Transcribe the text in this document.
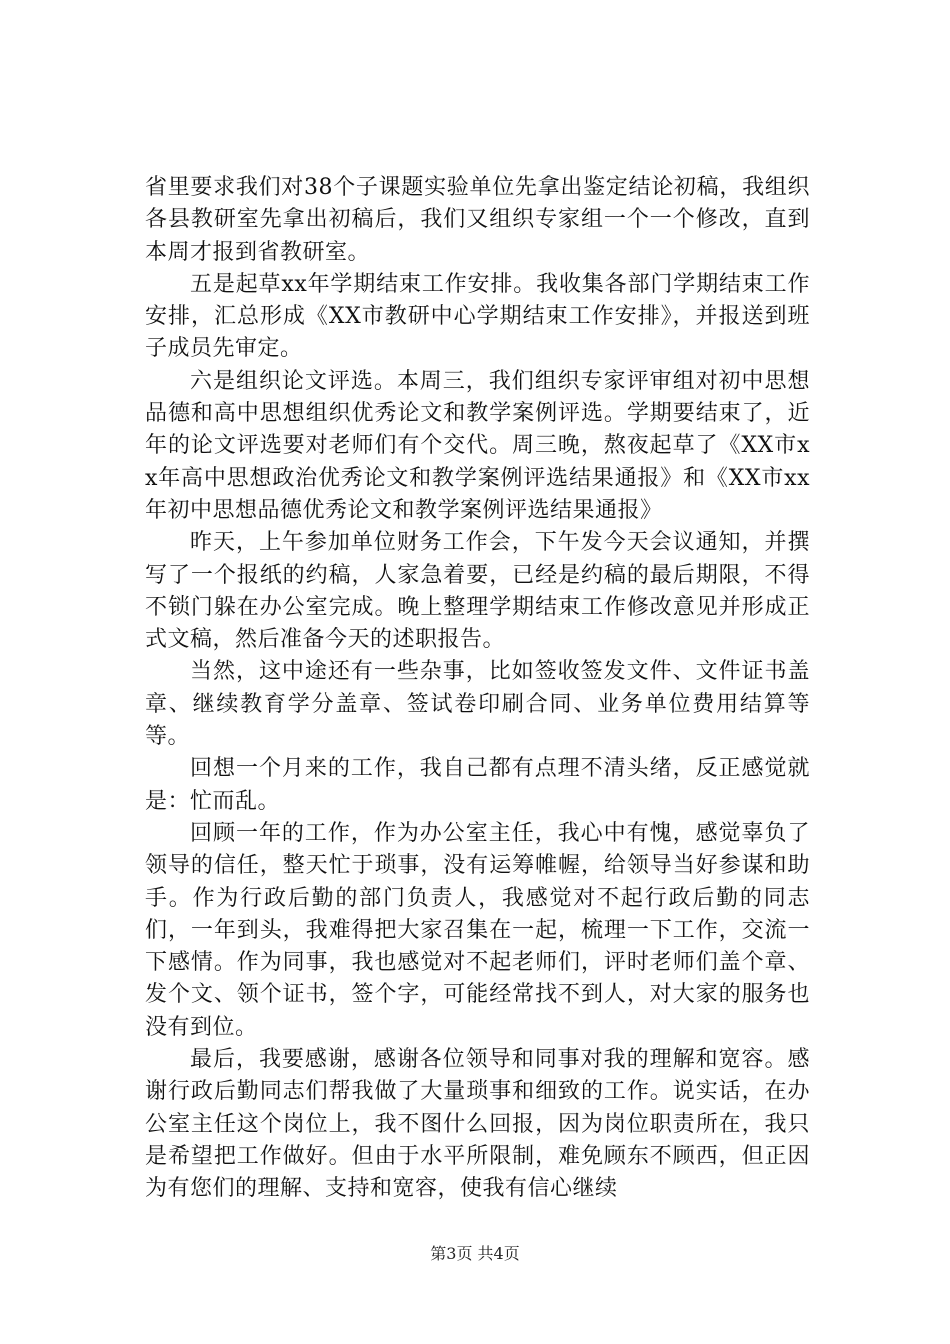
省里要求我们对38个子课题实验单位先拿出鉴定结论初稿，我组织各县教研室先拿出初稿后，我们又组织专家组一个一个修改，直到本周才报到省教研室。

五是起草xx年学期结束工作安排。我收集各部门学期结束工作安排，汇总形成《XX市教研中心学期结束工作安排》，并报送到班子成员先审定。

六是组织论文评选。本周三，我们组织专家评审组对初中思想品德和高中思想组织优秀论文和教学案例评选。学期要结束了，近年的论文评选要对老师们有个交代。周三晚，熬夜起草了《XX市xx年高中思想政治优秀论文和教学案例评选结果通报》和《XX市xx年初中思想品德优秀论文和教学案例评选结果通报》

昨天，上午参加单位财务工作会，下午发今天会议通知，并撰写了一个报纸的约稿，人家急着要，已经是约稿的最后期限，不得不锁门躲在办公室完成。晚上整理学期结束工作修改意见并形成正式文稿，然后准备今天的述职报告。

当然，这中途还有一些杂事，比如签收签发文件、文件证书盖章、继续教育学分盖章、签试卷印刷合同、业务单位费用结算等等。

回想一个月来的工作，我自己都有点理不清头绪，反正感觉就是：忙而乱。

回顾一年的工作，作为办公室主任，我心中有愧，感觉辜负了领导的信任，整天忙于琐事，没有运筹帷幄，给领导当好参谋和助手。作为行政后勤的部门负责人，我感觉对不起行政后勤的同志们，一年到头，我难得把大家召集在一起，梳理一下工作，交流一下感情。作为同事，我也感觉对不起老师们，评时老师们盖个章、发个文、领个证书，签个字，可能经常找不到人，对大家的服务也没有到位。

最后，我要感谢，感谢各位领导和同事对我的理解和宽容。感谢行政后勤同志们帮我做了大量琐事和细致的工作。说实话，在办公室主任这个岗位上，我不图什么回报，因为岗位职责所在，我只是希望把工作做好。但由于水平所限制，难免顾东不顾西，但正因为有您们的理解、支持和宽容，使我有信心继续

第3页 共4页
